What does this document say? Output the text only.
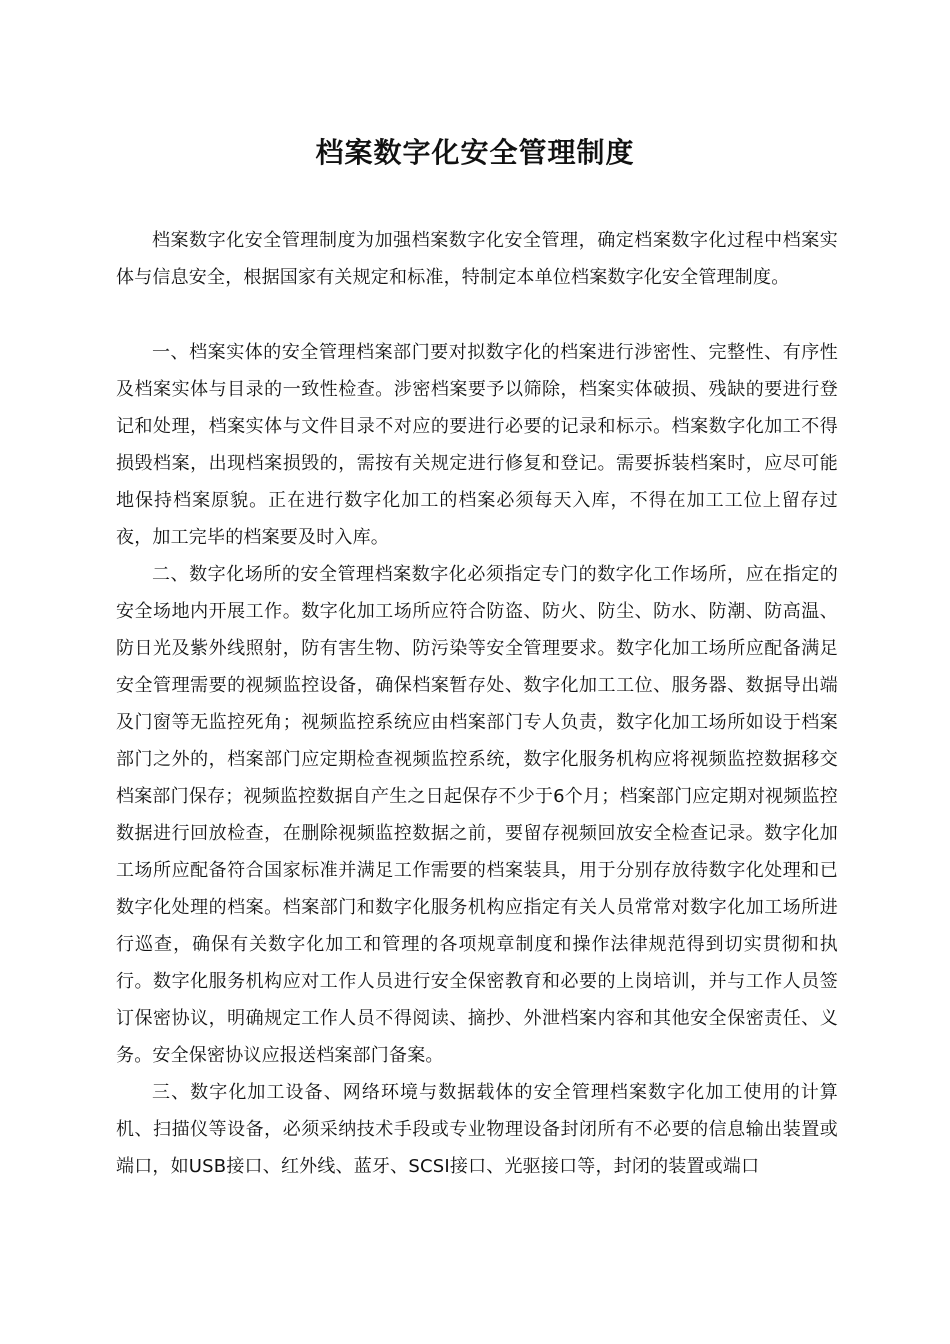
档案数字化安全管理制度

档案数字化安全管理制度为加强档案数字化安全管理，确定档案数字化过程中档案实体与信息安全，根据国家有关规定和标准，特制定本单位档案数字化安全管理制度。

一、档案实体的安全管理档案部门要对拟数字化的档案进行涉密性、完整性、有序性及档案实体与目录的一致性检查。涉密档案要予以筛除，档案实体破损、残缺的要进行登记和处理，档案实体与文件目录不对应的要进行必要的记录和标示。档案数字化加工不得损毁档案，出现档案损毁的，需按有关规定进行修复和登记。需要拆装档案时，应尽可能地保持档案原貌。正在进行数字化加工的档案必须每天入库，不得在加工工位上留存过夜，加工完毕的档案要及时入库。

二、数字化场所的安全管理档案数字化必须指定专门的数字化工作场所，应在指定的安全场地内开展工作。数字化加工场所应符合防盗、防火、防尘、防水、防潮、防高温、防日光及紫外线照射，防有害生物、防污染等安全管理要求。数字化加工场所应配备满足安全管理需要的视频监控设备，确保档案暂存处、数字化加工工位、服务器、数据导出端及门窗等无监控死角；视频监控系统应由档案部门专人负责，数字化加工场所如设于档案部门之外的，档案部门应定期检查视频监控系统，数字化服务机构应将视频监控数据移交档案部门保存；视频监控数据自产生之日起保存不少于6个月；档案部门应定期对视频监控数据进行回放检查，在删除视频监控数据之前，要留存视频回放安全检查记录。数字化加工场所应配备符合国家标准并满足工作需要的档案装具，用于分别存放待数字化处理和已数字化处理的档案。档案部门和数字化服务机构应指定有关人员常常对数字化加工场所进行巡查，确保有关数字化加工和管理的各项规章制度和操作法律规范得到切实贯彻和执行。数字化服务机构应对工作人员进行安全保密教育和必要的上岗培训，并与工作人员签订保密协议，明确规定工作人员不得阅读、摘抄、外泄档案内容和其他安全保密责任、义务。安全保密协议应报送档案部门备案。

三、数字化加工设备、网络环境与数据载体的安全管理档案数字化加工使用的计算机、扫描仪等设备，必须采纳技术手段或专业物理设备封闭所有不必要的信息输出装置或端口，如USB接口、红外线、蓝牙、SCSI接口、光驱接口等，封闭的装置或端口
